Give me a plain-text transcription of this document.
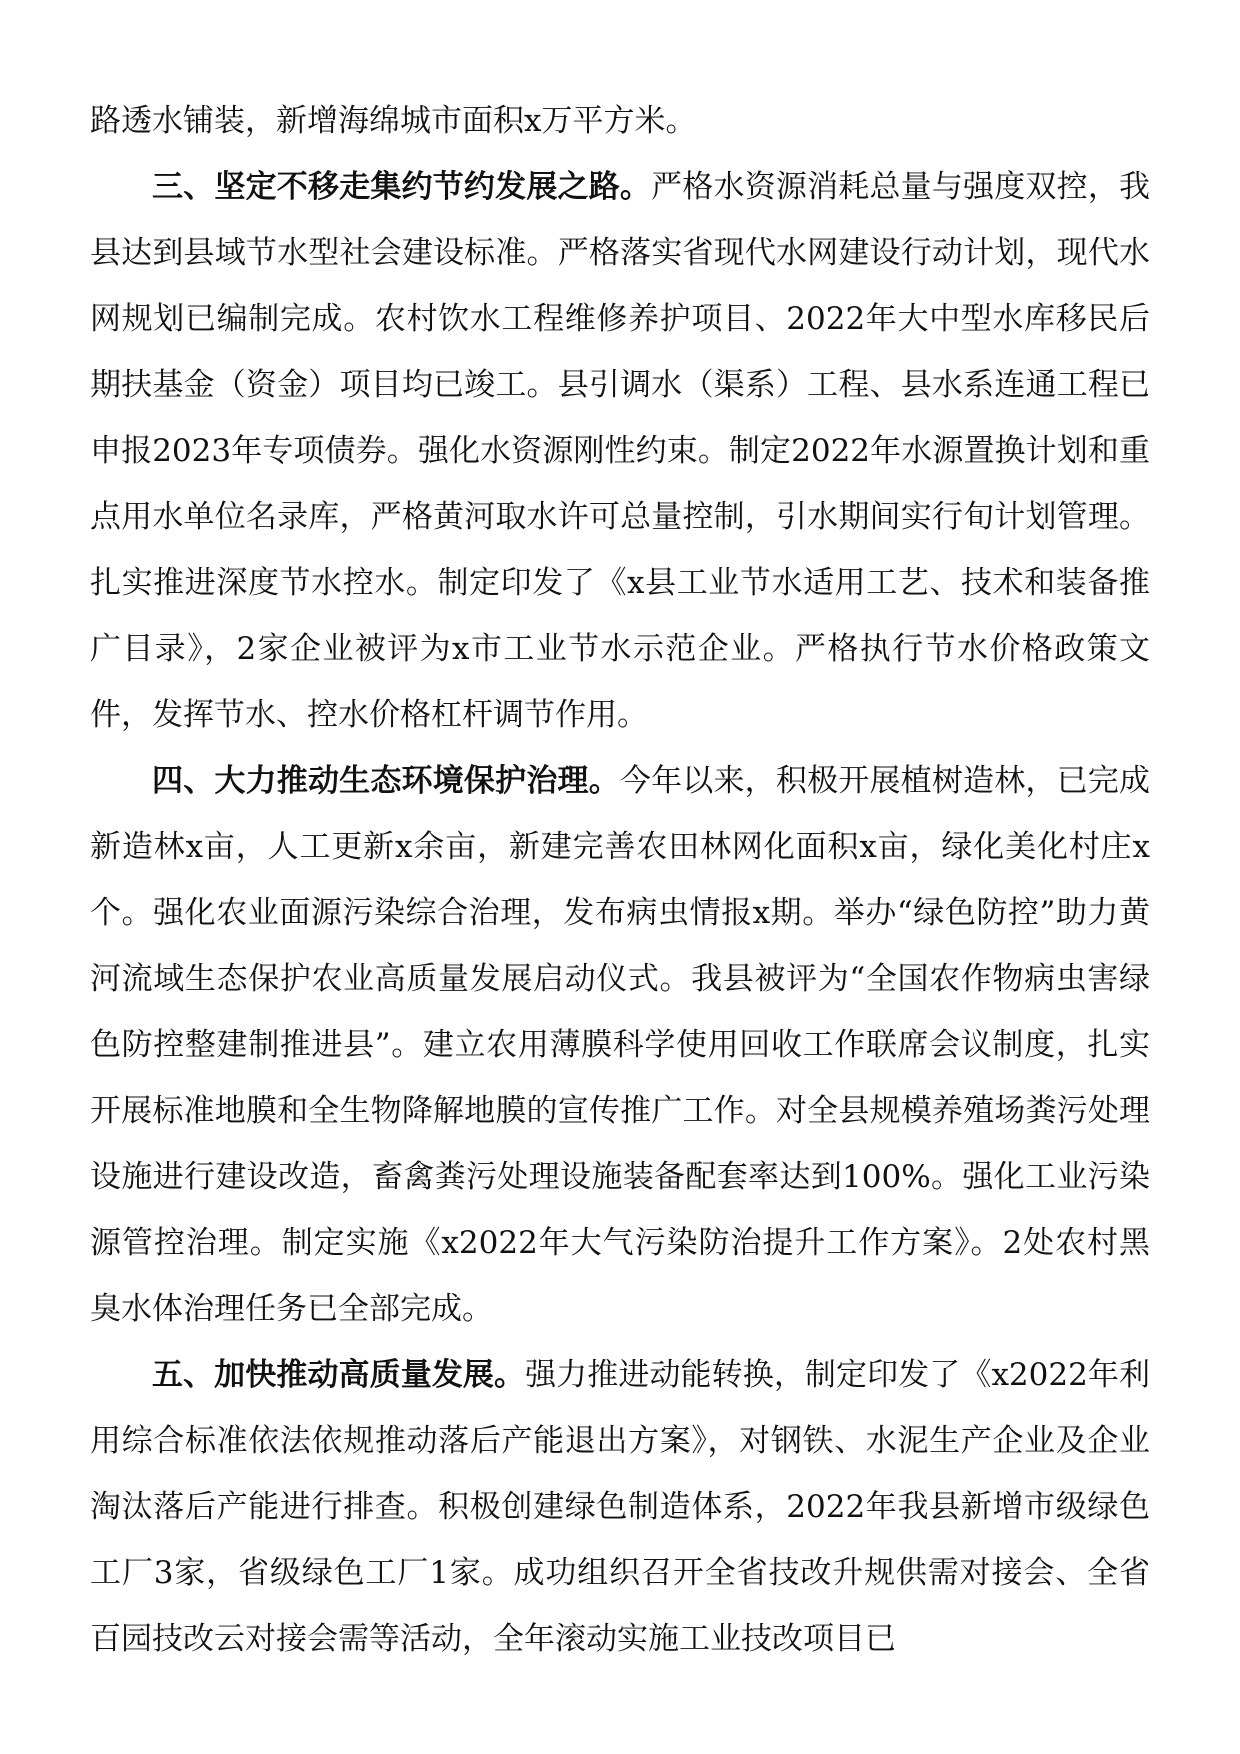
路透水铺装，新增海绵城市面积x万平方米。

三、坚定不移走集约节约发展之路。严格水资源消耗总量与强度双控，我县达到县域节水型社会建设标准。严格落实省现代水网建设行动计划，现代水网规划已编制完成。农村饮水工程维修养护项目、2022年大中型水库移民后期扶基金（资金）项目均已竣工。县引调水（渠系）工程、县水系连通工程已申报2023年专项债券。强化水资源刚性约束。制定2022年水源置换计划和重点用水单位名录库，严格黄河取水许可总量控制，引水期间实行旬计划管理。扎实推进深度节水控水。制定印发了《x县工业节水适用工艺、技术和装备推广目录》，2家企业被评为x市工业节水示范企业。严格执行节水价格政策文件，发挥节水、控水价格杠杆调节作用。

四、大力推动生态环境保护治理。今年以来，积极开展植树造林，已完成新造林x亩，人工更新x余亩，新建完善农田林网化面积x亩，绿化美化村庄x个。强化农业面源污染综合治理，发布病虫情报x期。举办“绿色防控”助力黄河流域生态保护农业高质量发展启动仪式。我县被评为“全国农作物病虫害绿色防控整建制推进县”。建立农用薄膜科学使用回收工作联席会议制度，扎实开展标准地膜和全生物降解地膜的宣传推广工作。对全县规模养殖场粪污处理设施进行建设改造，畜禽粪污处理设施装备配套率达到100%。强化工业污染源管控治理。制定实施《x2022年大气污染防治提升工作方案》。2处农村黑臭水体治理任务已全部完成。

五、加快推动高质量发展。强力推进动能转换，制定印发了《x2022年利用综合标准依法依规推动落后产能退出方案》，对钢铁、水泥生产企业及企业淘汰落后产能进行排查。积极创建绿色制造体系，2022年我县新增市级绿色工厂3家，省级绿色工厂1家。成功组织召开全省技改升规供需对接会、全省百园技改云对接会需等活动，全年滚动实施工业技改项目已
